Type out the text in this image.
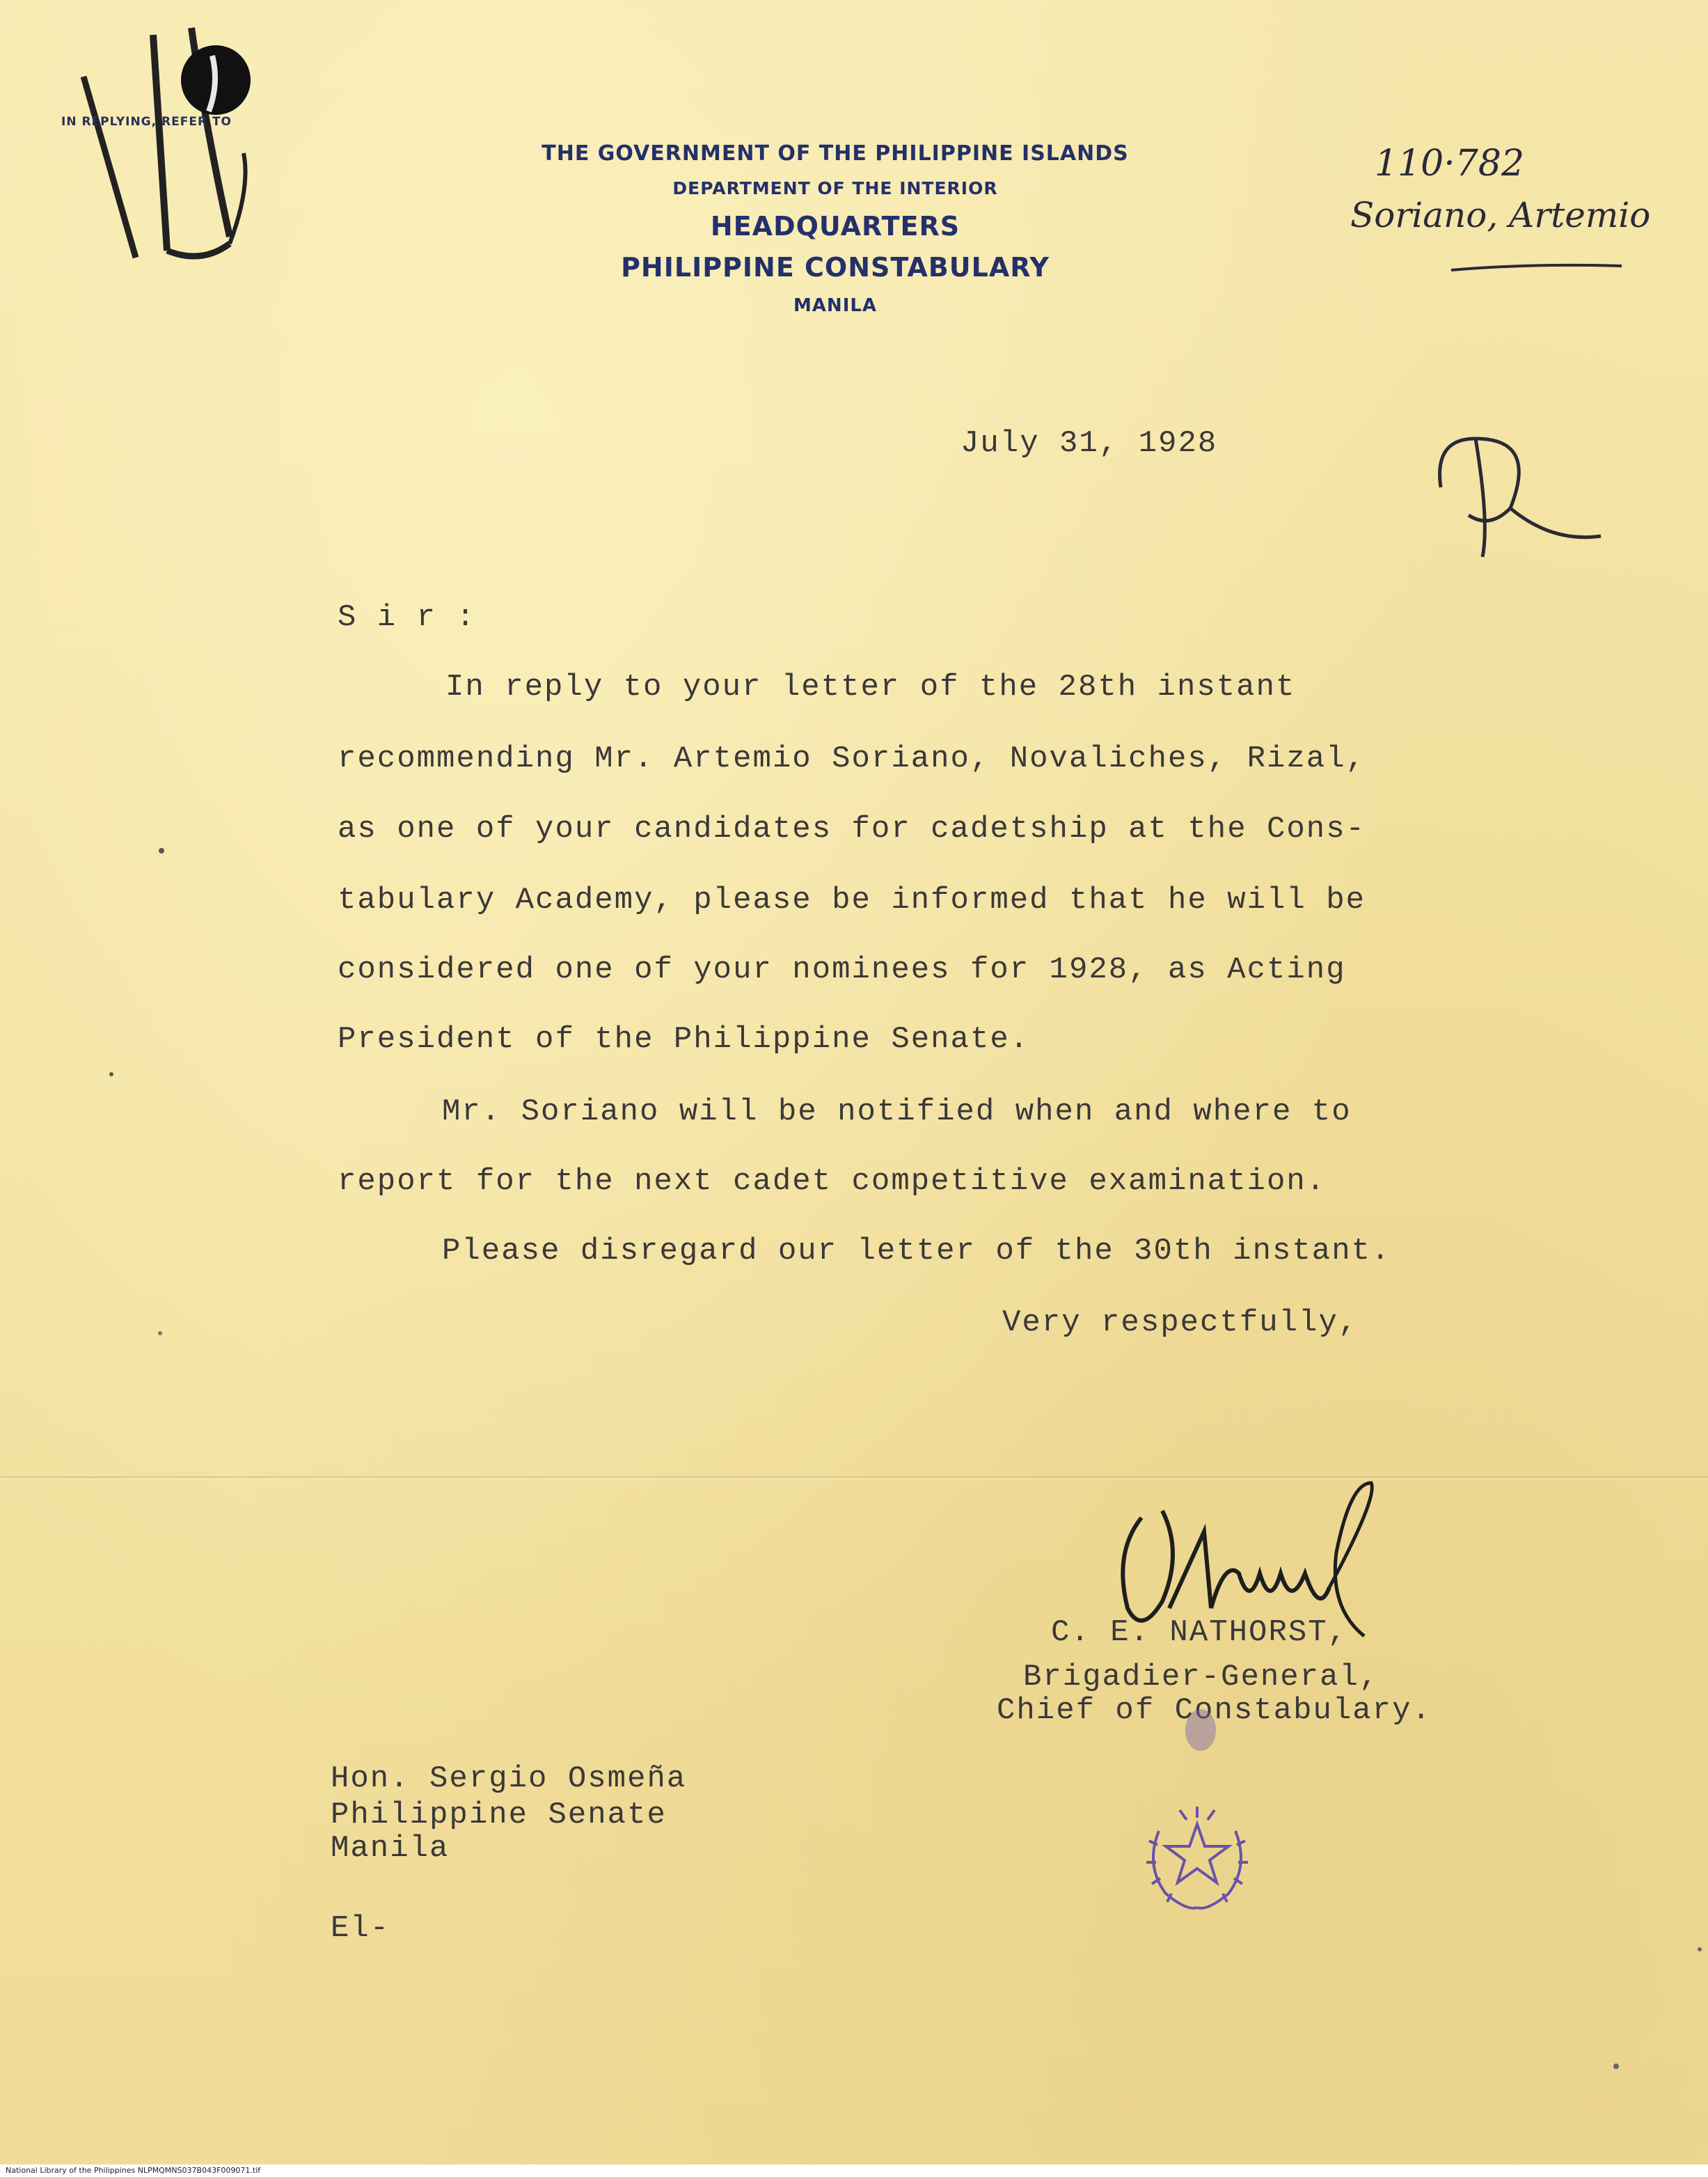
IN REPLYING, REFER TO
THE GOVERNMENT OF THE PHILIPPINE ISLANDS
DEPARTMENT OF THE INTERIOR
HEADQUARTERS
PHILIPPINE CONSTABULARY
MANILA
110·782
Soriano, Artemio
July 31, 1928
S i r :
In reply to your letter of the 28th instant
recommending Mr. Artemio Soriano, Novaliches, Rizal,
as one of your candidates for cadetship at the Cons-
tabulary Academy, please be informed that he will be
considered one of your nominees for 1928, as Acting
President of the Philippine Senate.
Mr. Soriano will be notified when and where to
report for the next cadet competitive examination.
Please disregard our letter of the 30th instant.
Very respectfully,
C. E. NATHORST,
Brigadier-General,
Chief of Constabulary.
Hon. Sergio Osmeña
Philippine Senate
Manila
El-
National Library of the Philippines NLPMQMNS037B043F009071.tif
